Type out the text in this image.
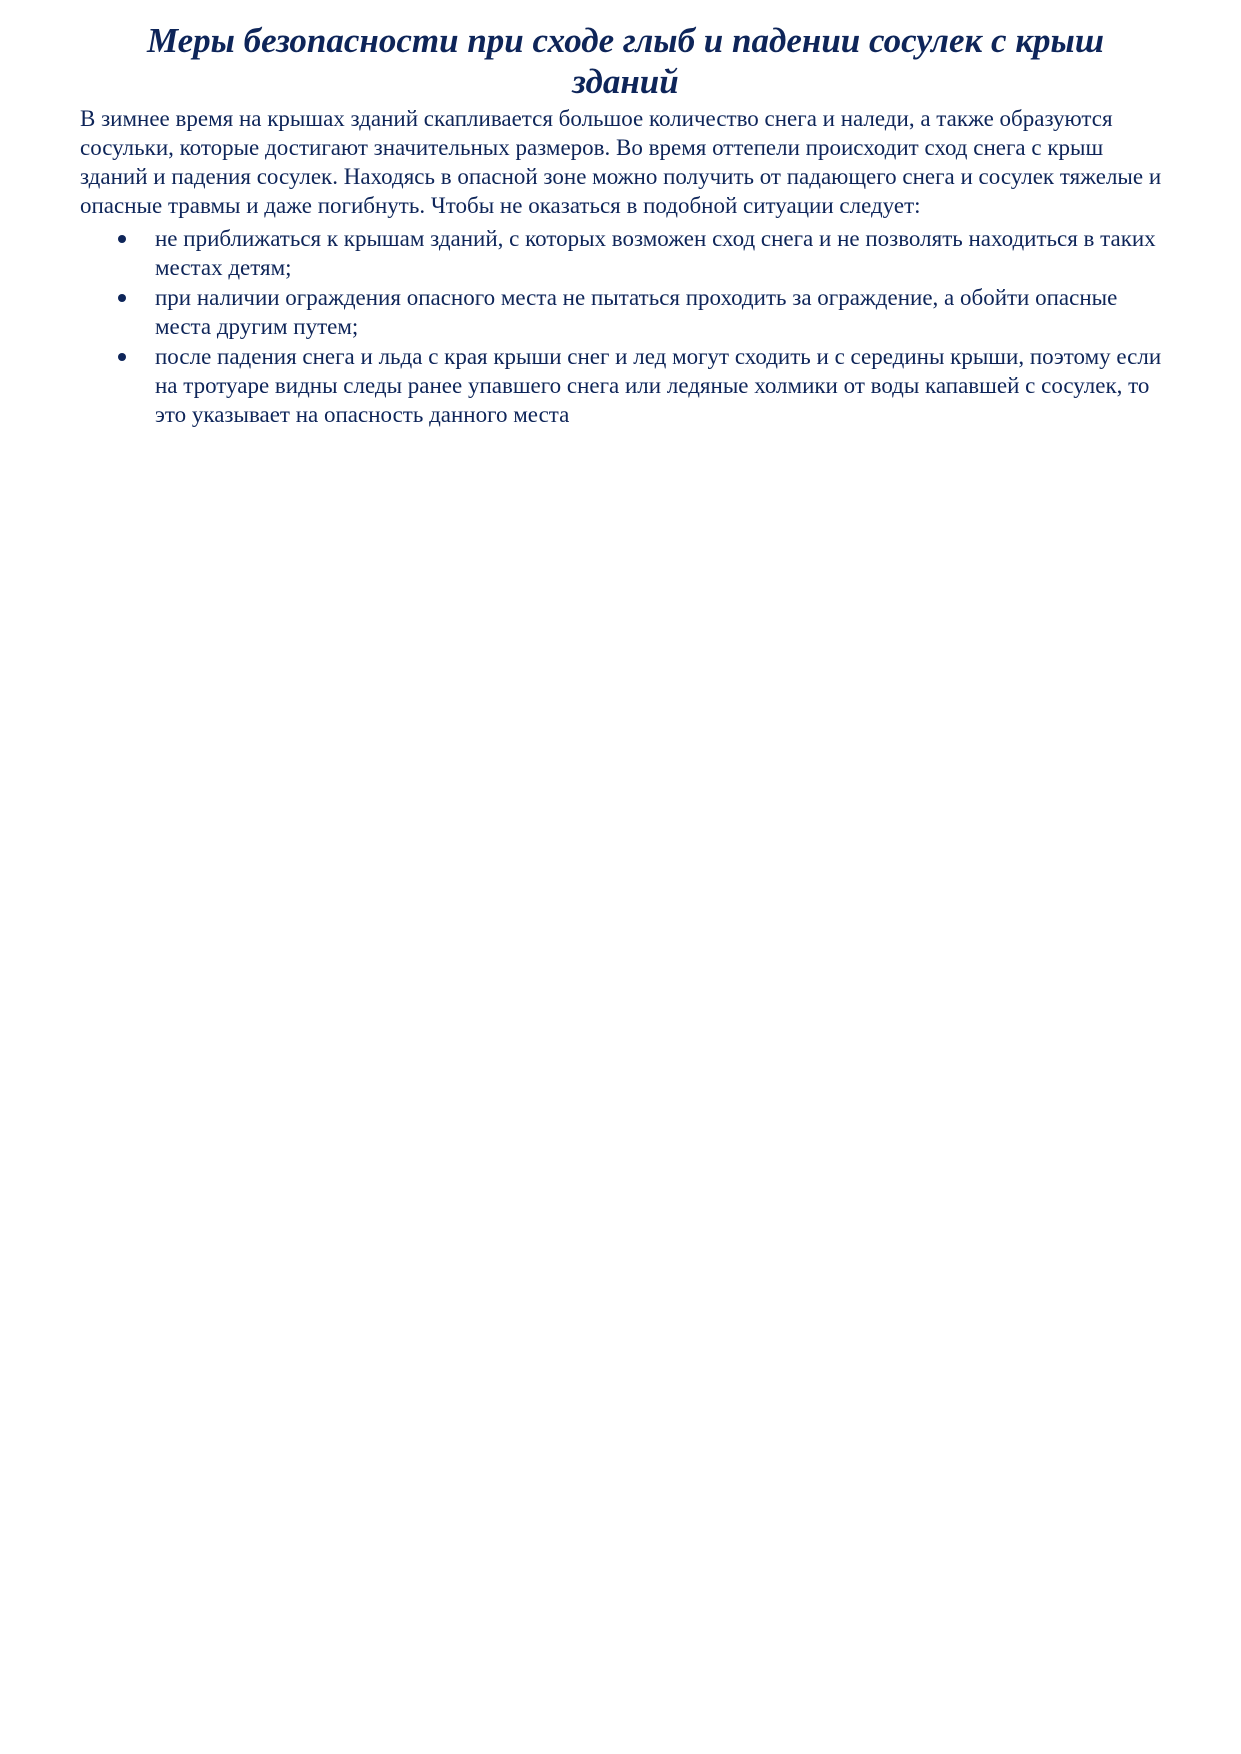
Меры безопасности при сходе глыб и падении сосулек с крыш зданий

В зимнее время на крышах зданий скапливается большое количество снега и наледи, а также образуются сосульки, которые достигают значительных размеров. Во время оттепели происходит сход снега с крыш зданий и падения сосулек. Находясь в опасной зоне можно получить от падающего снега и сосулек тяжелые и опасные травмы и даже погибнуть. Чтобы не оказаться в подобной ситуации следует:

не приближаться к крышам зданий, с которых возможен сход снега и не позволять находиться в таких местах детям;
при наличии ограждения опасного места не пытаться проходить за ограждение, а обойти опасные места другим путем;
после падения снега и льда с края крыши снег и лед могут сходить и с середины крыши, поэтому если на тротуаре видны следы ранее упавшего снега или ледяные холмики от воды капавшей с сосулек, то это указывает на опасность данного места
